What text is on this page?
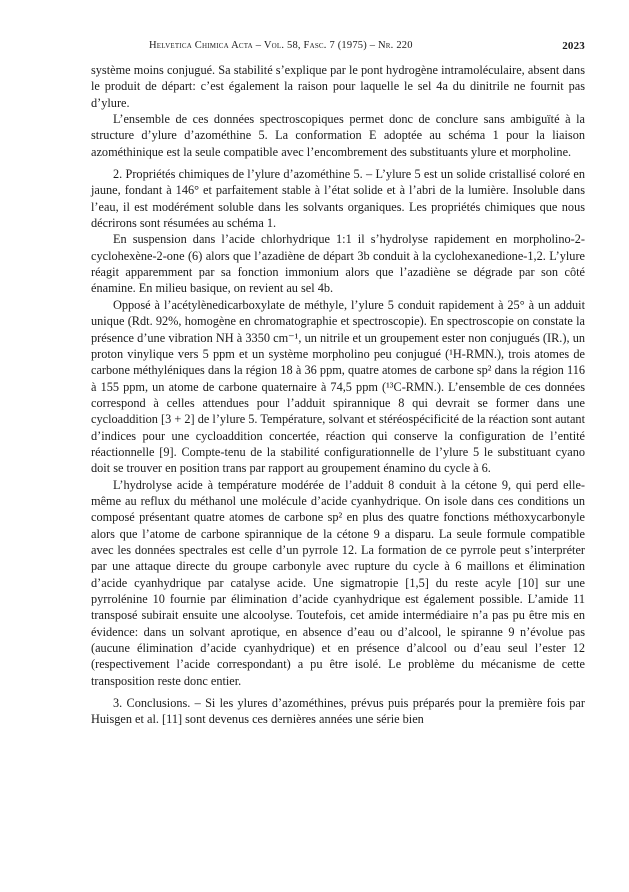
Helvetica Chimica Acta – Vol. 58, Fasc. 7 (1975) – Nr. 220	2023

système moins conjugué. Sa stabilité s’explique par le pont hydrogène intramoléculaire, absent dans le produit de départ: c’est également la raison pour laquelle le sel 4a du dinitrile ne fournit pas d’ylure.

L’ensemble de ces données spectroscopiques permet donc de conclure sans ambiguïté à la structure d’ylure d’azométhine 5. La conformation E adoptée au schéma 1 pour la liaison azométhinique est la seule compatible avec l’encombrement des substituants ylure et morpholine.

2. Propriétés chimiques de l’ylure d’azométhine 5. – L’ylure 5 est un solide cristallisé coloré en jaune, fondant à 146° et parfaitement stable à l’état solide et à l’abri de la lumière. Insoluble dans l’eau, il est modérément soluble dans les solvants organiques. Les propriétés chimiques que nous décrirons sont résumées au schéma 1.

En suspension dans l’acide chlorhydrique 1:1 il s’hydrolyse rapidement en morpholino-2-cyclohexène-2-one (6) alors que l’azadiène de départ 3b conduit à la cyclohexanedione-1,2. L’ylure réagit apparemment par sa fonction immonium alors que l’azadiène se dégrade par son côté énamine. En milieu basique, on revient au sel 4b.

Opposé à l’acétylènedicarboxylate de méthyle, l’ylure 5 conduit rapidement à 25° à un adduit unique (Rdt. 92%, homogène en chromatographie et spectroscopie). En spectroscopie on constate la présence d’une vibration NH à 3350 cm⁻¹, un nitrile et un groupement ester non conjugués (IR.), un proton vinylique vers 5 ppm et un système morpholino peu conjugué (¹H-RMN.), trois atomes de carbone méthyléniques dans la région 18 à 36 ppm, quatre atomes de carbone sp² dans la région 116 à 155 ppm, un atome de carbone quaternaire à 74,5 ppm (¹³C-RMN.). L’ensemble de ces données correspond à celles attendues pour l’adduit spirannique 8 qui devrait se former dans une cycloaddition [3 + 2] de l’ylure 5. Température, solvant et stéréospécificité de la réaction sont autant d’indices pour une cycloaddition concertée, réaction qui conserve la configuration de l’entité réactionnelle [9]. Compte-tenu de la stabilité configurationnelle de l’ylure 5 le substituant cyano doit se trouver en position trans par rapport au groupement énamino du cycle à 6.

L’hydrolyse acide à température modérée de l’adduit 8 conduit à la cétone 9, qui perd elle-même au reflux du méthanol une molécule d’acide cyanhydrique. On isole dans ces conditions un composé présentant quatre atomes de carbone sp² en plus des quatre fonctions méthoxycarbonyle alors que l’atome de carbone spirannique de la cétone 9 a disparu. La seule formule compatible avec les données spectrales est celle d’un pyrrole 12. La formation de ce pyrrole peut s’interpréter par une attaque directe du groupe carbonyle avec rupture du cycle à 6 maillons et élimination d’acide cyanhydrique par catalyse acide. Une sigmatropie [1,5] du reste acyle [10] sur une pyrrolénine 10 fournie par élimination d’acide cyanhydrique est également possible. L’amide 11 transposé subirait ensuite une alcoolyse. Toutefois, cet amide intermédiaire n’a pas pu être mis en évidence: dans un solvant aprotique, en absence d’eau ou d’alcool, le spiranne 9 n’évolue pas (aucune élimination d’acide cyanhydrique) et en présence d’alcool ou d’eau seul l’ester 12 (respectivement l’acide correspondant) a pu être isolé. Le problème du mécanisme de cette transposition reste donc entier.

3. Conclusions. – Si les ylures d’azométhines, prévus puis préparés pour la première fois par Huisgen et al. [11] sont devenus ces dernières années une série bien
